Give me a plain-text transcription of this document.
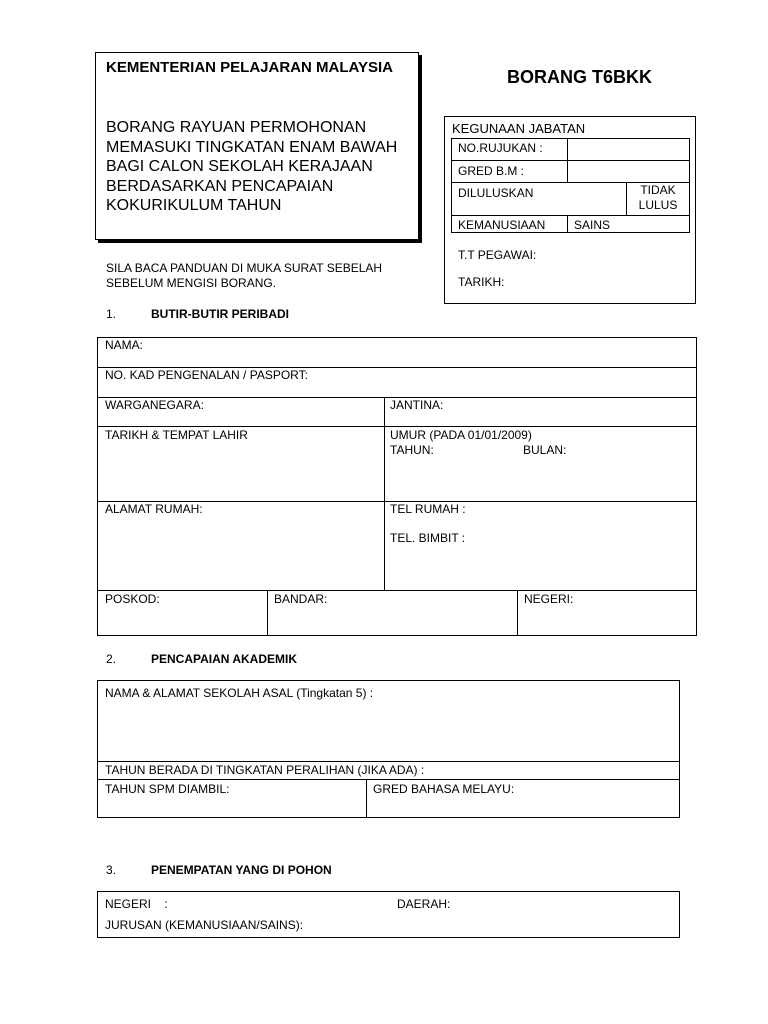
KEMENTERIAN PELAJARAN MALAYSIA
BORANG RAYUAN PERMOHONAN MEMASUKI TINGKATAN ENAM BAWAH BAGI CALON SEKOLAH KERAJAAN BERDASARKAN PENCAPAIAN KOKURIKULUM TAHUN
BORANG T6BKK
KEGUNAAN JABATAN
NO.RUJUKAN :
GRED B.M :
DILULUSKAN	TIDAK LULUS
KEMANUSIAAN SAINS
T.T PEGAWAI:
TARIKH:
SILA BACA PANDUAN DI MUKA SURAT SEBELAH SEBELUM MENGISI BORANG.
1.	BUTIR-BUTIR PERIBADI
NAMA:
NO. KAD PENGENALAN / PASPORT:
WARGANEGARA:	JANTINA:
TARIKH & TEMPAT LAHIR	UMUR (PADA 01/01/2009)
TAHUN:	BULAN:
ALAMAT RUMAH:	TEL RUMAH :
TEL. BIMBIT :
POSKOD:	BANDAR:	NEGERI:
2.	PENCAPAIAN AKADEMIK
NAMA & ALAMAT SEKOLAH ASAL (Tingkatan 5) :
TAHUN BERADA DI TINGKATAN PERALIHAN (JIKA ADA) :
TAHUN SPM DIAMBIL:	GRED BAHASA MELAYU:
3.	PENEMPATAN YANG DI POHON
NEGERI    :	DAERAH:
JURUSAN (KEMANUSIAAN/SAINS):
